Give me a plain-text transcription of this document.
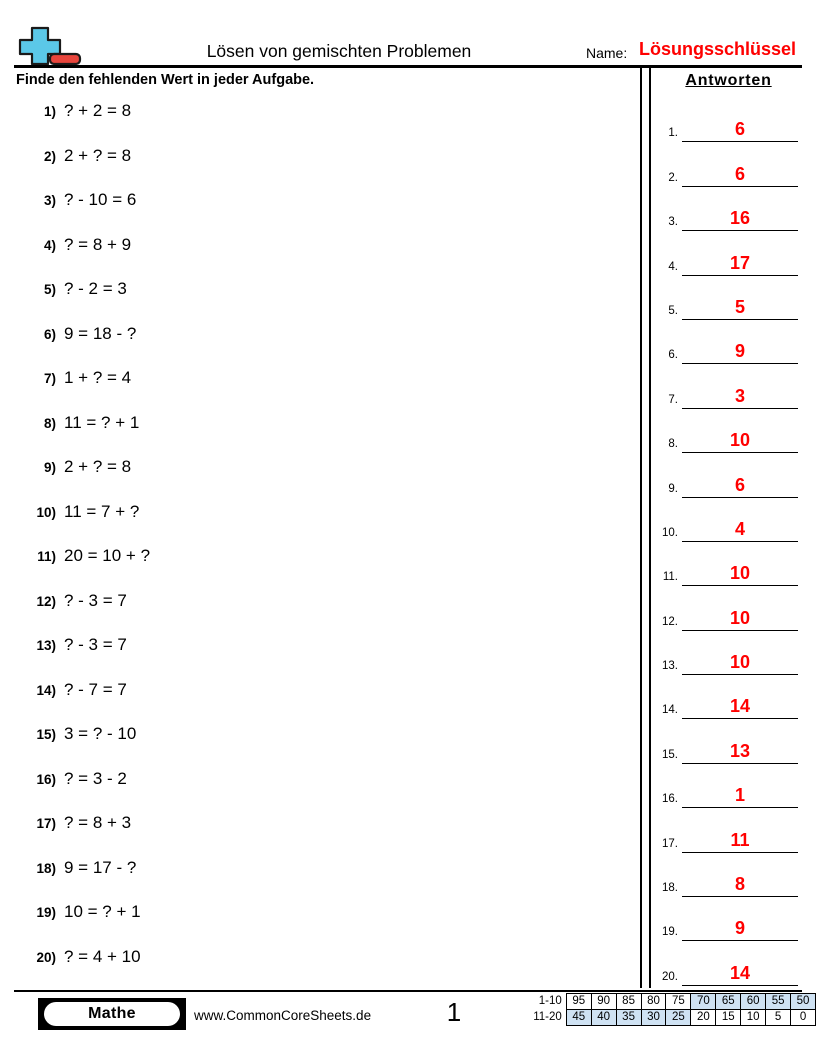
Lösen von gemischten Problemen	Name: Lösungsschlüssel
Finde den fehlenden Wert in jeder Aufgabe.
1) ? + 2 = 8
2) 2 + ? = 8
3) ? - 10 = 6
4) ? = 8 + 9
5) ? - 2 = 3
6) 9 = 18 - ?
7) 1 + ? = 4
8) 11 = ? + 1
9) 2 + ? = 8
10) 11 = 7 + ?
11) 20 = 10 + ?
12) ? - 3 = 7
13) ? - 3 = 7
14) ? - 7 = 7
15) 3 = ? - 10
16) ? = 3 - 2
17) ? = 8 + 3
18) 9 = 17 - ?
19) 10 = ? + 1
20) ? = 4 + 10
Antworten
1.	6
2.	6
3.	16
4.	17
5.	5
6.	9
7.	3
8.	10
9.	6
10.	4
11.	10
12.	10
13.	10
14.	14
15.	13
16.	1
17.	11
18.	8
19.	9
20.	14
Mathe	www.CommonCoreSheets.de	1	1-10	95	90	85	80	75	70	65	60	55	50
11-20	45	40	35	30	25	20	15	10	5	0
